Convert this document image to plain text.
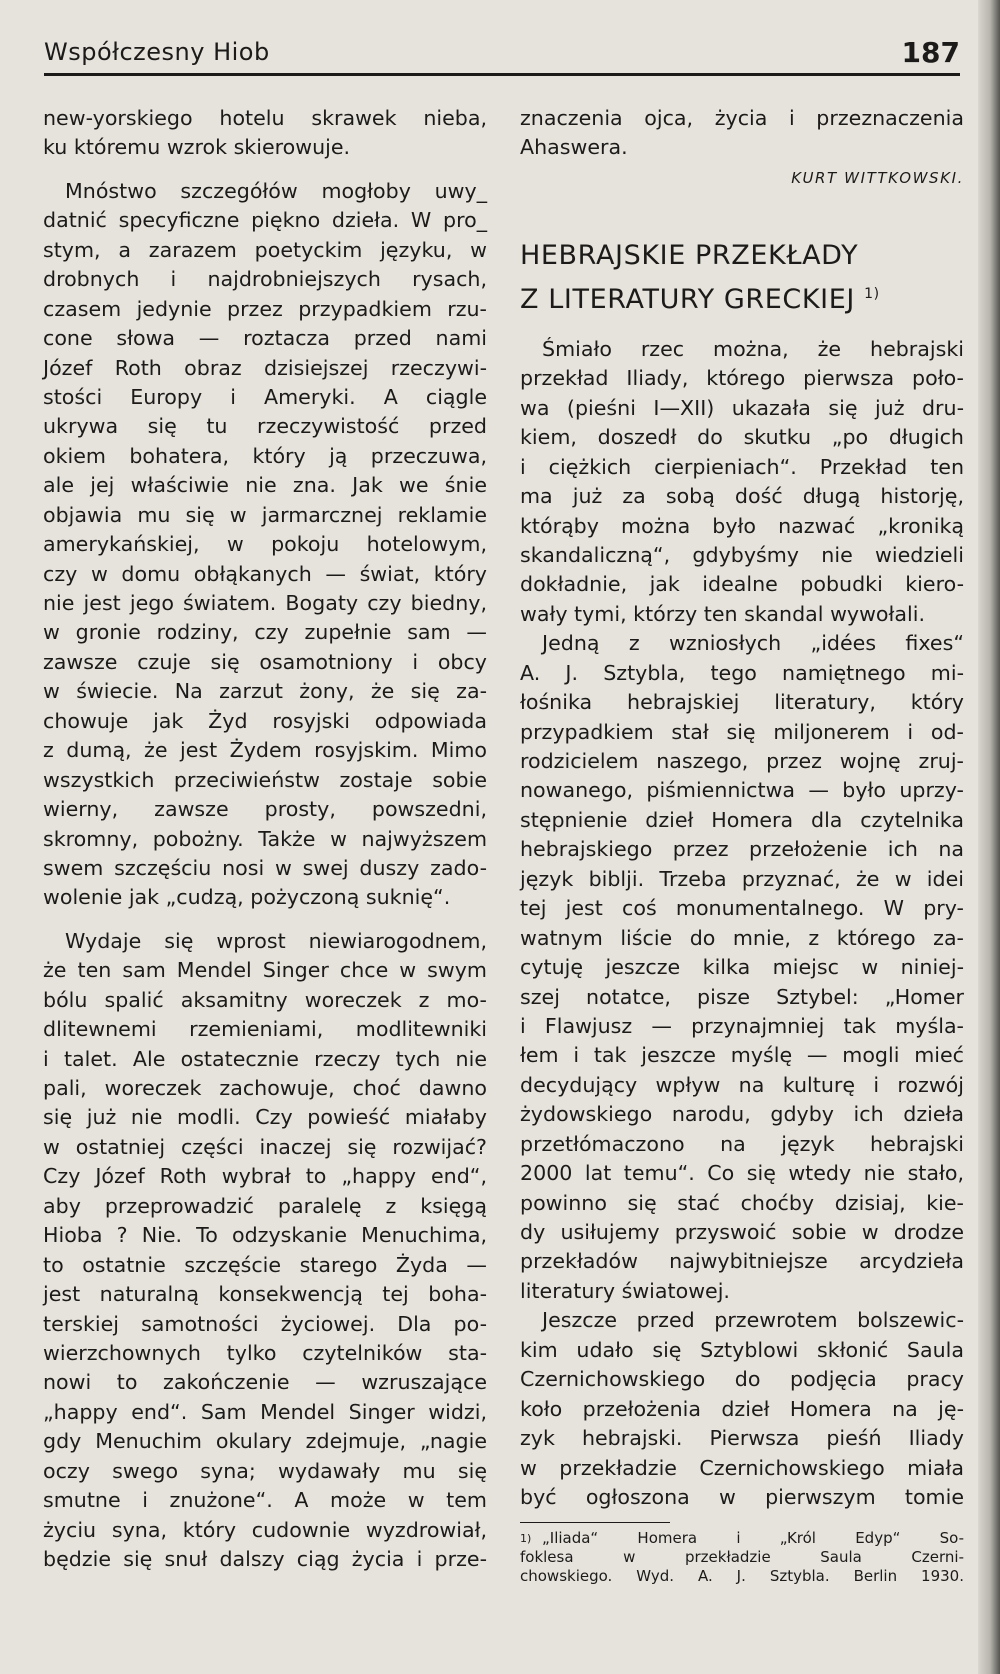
Współczesny Hiob	187
new-yorskiego hotelu skrawek nieba,
ku któremu wzrok skierowuje.
Mnóstwo szczegółów mogłoby uwy_
datnić specyficzne piękno dzieła. W pro_
stym, a zarazem poetyckim języku, w
drobnych i najdrobniejszych rysach,
czasem jedynie przez przypadkiem rzu-
cone słowa — roztacza przed nami
Józef Roth obraz dzisiejszej rzeczywi-
stości Europy i Ameryki. A ciągle
ukrywa się tu rzeczywistość przed
okiem bohatera, który ją przeczuwa,
ale jej właściwie nie zna. Jak we śnie
objawia mu się w jarmarcznej reklamie
amerykańskiej, w pokoju hotelowym,
czy w domu obłąkanych — świat, który
nie jest jego światem. Bogaty czy biedny,
w gronie rodziny, czy zupełnie sam —
zawsze czuje się osamotniony i obcy
w świecie. Na zarzut żony, że się za-
chowuje jak Żyd rosyjski odpowiada
z dumą, że jest Żydem rosyjskim. Mimo
wszystkich przeciwieństw zostaje sobie
wierny, zawsze prosty, powszedni,
skromny, pobożny. Także w najwyższem
swem szczęściu nosi w swej duszy zado-
wolenie jak „cudzą, pożyczoną suknię“.
Wydaje się wprost niewiarogodnem,
że ten sam Mendel Singer chce w swym
bólu spalić aksamitny woreczek z mo-
dlitewnemi rzemieniami, modlitewniki
i talet. Ale ostatecznie rzeczy tych nie
pali, woreczek zachowuje, choć dawno
się już nie modli. Czy powieść miałaby
w ostatniej części inaczej się rozwijać?
Czy Józef Roth wybrał to „happy end“,
aby przeprowadzić paralelę z księgą
Hioba ? Nie. To odzyskanie Menuchima,
to ostatnie szczęście starego Żyda —
jest naturalną konsekwencją tej boha-
terskiej samotności życiowej. Dla po-
wierzchownych tylko czytelników sta-
nowi to zakończenie — wzruszające
„happy end“. Sam Mendel Singer widzi,
gdy Menuchim okulary zdejmuje, „nagie
oczy swego syna; wydawały mu się
smutne i znużone“. A może w tem
życiu syna, który cudownie wyzdrowiał,
będzie się snuł dalszy ciąg życia i prze-
znaczenia ojca, życia i przeznaczenia
Ahaswera.
KURT WITTKOWSKI.
HEBRAJSKIE PRZEKŁADY
Z LITERATURY GRECKIEJ $^{1)}$
Śmiało rzec można, że hebrajski
przekład Iliady, którego pierwsza poło-
wa (pieśni I—XII) ukazała się już dru-
kiem, doszedł do skutku „po długich
i ciężkich cierpieniach“. Przekład ten
ma już za sobą dość długą historję,
którąby można było nazwać „kroniką
skandaliczną“, gdybyśmy nie wiedzieli
dokładnie, jak idealne pobudki kiero-
wały tymi, którzy ten skandal wywołali.
Jedną z wzniosłych „idées fixes“
A. J. Sztybla, tego namiętnego mi-
łośnika hebrajskiej literatury, który
przypadkiem stał się miljonerem i od-
rodzicielem naszego, przez wojnę zruj-
nowanego, piśmiennictwa — było uprzy-
stępnienie dzieł Homera dla czytelnika
hebrajskiego przez przełożenie ich na
język biblji. Trzeba przyznać, że w idei
tej jest coś monumentalnego. W pry-
watnym liście do mnie, z którego za-
cytuję jeszcze kilka miejsc w niniej-
szej notatce, pisze Sztybel: „Homer
i Flawjusz — przynajmniej tak myśla-
łem i tak jeszcze myślę — mogli mieć
decydujący wpływ na kulturę i rozwój
żydowskiego narodu, gdyby ich dzieła
przetłómaczono na język hebrajski
2000 lat temu“. Co się wtedy nie stało,
powinno się stać choćby dzisiaj, kie-
dy usiłujemy przyswoić sobie w drodze
przekładów najwybitniejsze arcydzieła
literatury światowej.
Jeszcze przed przewrotem bolszewic-
kim udało się Sztyblowi skłonić Saula
Czernichowskiego do podjęcia pracy
koło przełożenia dzieł Homera na ję-
zyk hebrajski. Pierwsza pieśń Iliady
w przekładzie Czernichowskiego miała
być ogłoszona w pierwszym tomie
1) „Iliada“ Homera i „Król Edyp“ So-
foklesa w przekładzie Saula Czerni-
chowskiego. Wyd. A. J. Sztybla. Berlin 1930.
